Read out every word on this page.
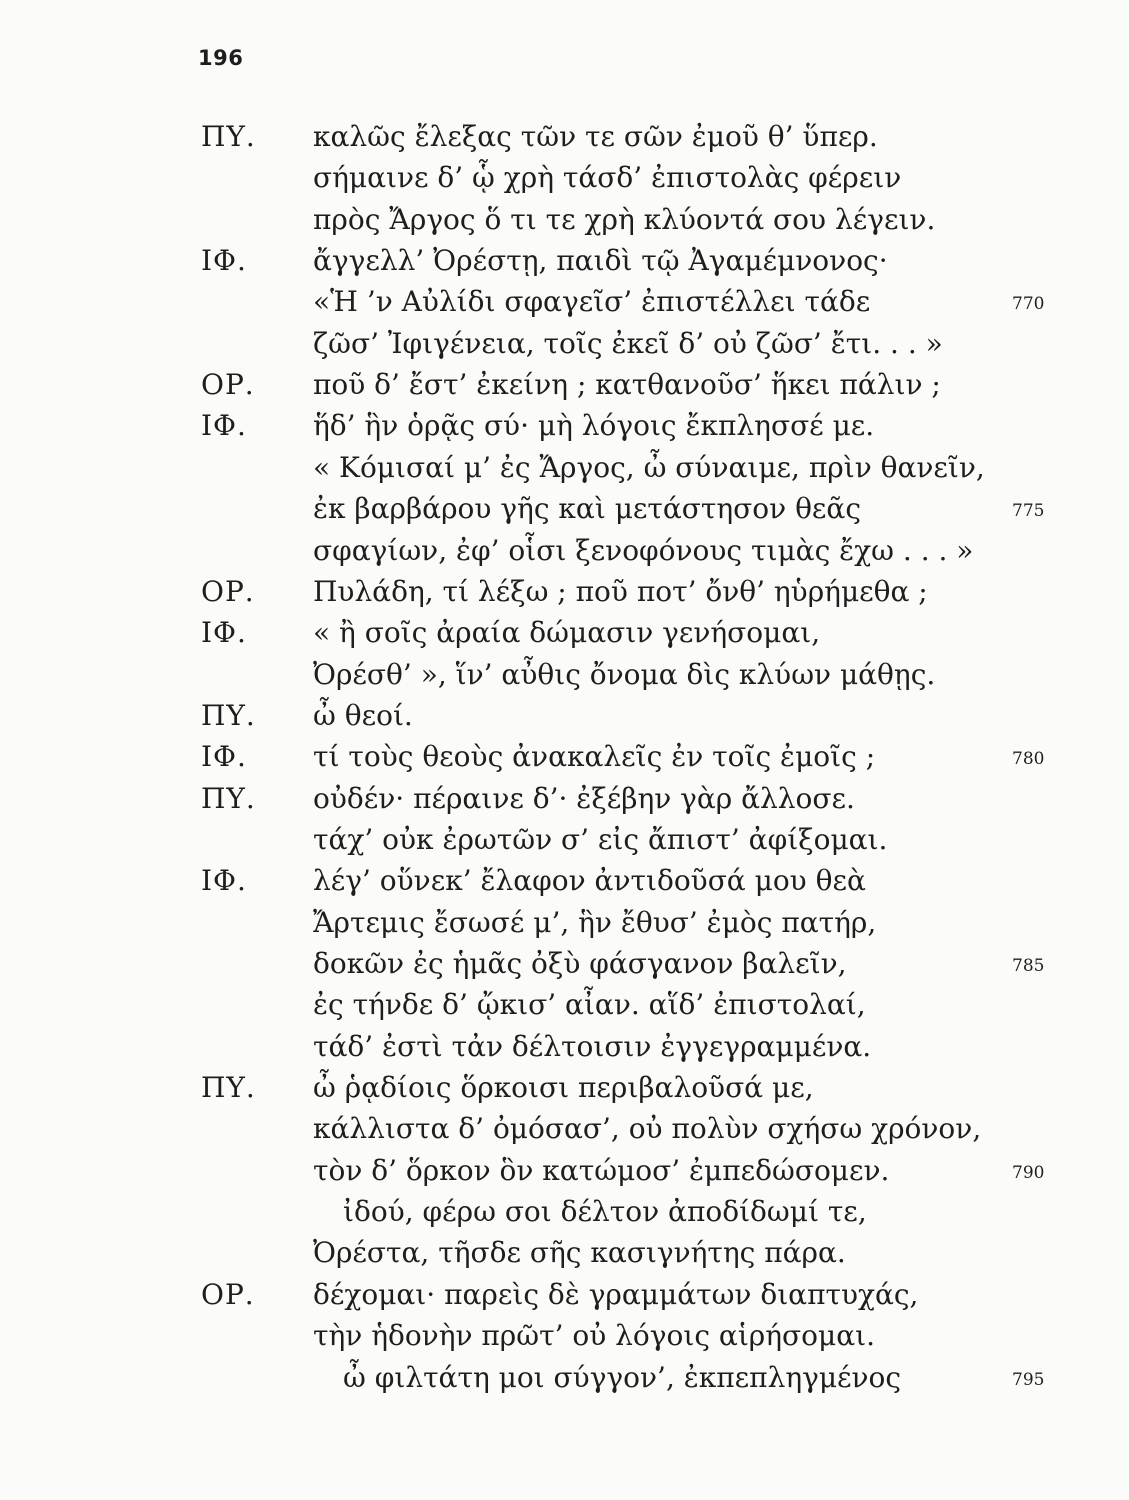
196
ΠΥ. καλῶς ἔλεξας τῶν τε σῶν ἐμοῦ θ’ ὕπερ.
σήμαινε δ’ ᾧ χρὴ τάσδ’ ἐπιστολὰς φέρειν
πρὸς Ἄργος ὅ τι τε χρὴ κλύοντά σου λέγειν.
ΙΦ. ἄγγελλ’ Ὀρέστῃ, παιδὶ τῷ Ἀγαμέμνονος·
«Ἡ ’ν Αὐλίδι σφαγεῖσ’ ἐπιστέλλει τάδε	770
ζῶσ’ Ἰφιγένεια, τοῖς ἐκεῖ δ’ οὐ ζῶσ’ ἔτι. . . »
ΟΡ. ποῦ δ’ ἔστ’ ἐκείνη ; κατθανοῦσ’ ἥκει πάλιν ;
ΙΦ. ἥδ’ ἣν ὁρᾷς σύ· μὴ λόγοις ἔκπλησσέ με.
« Κόμισαί μ’ ἐς Ἄργος, ὦ σύναιμε, πρὶν θανεῖν,
ἐκ βαρβάρου γῆς καὶ μετάστησον θεᾶς	775
σφαγίων, ἐφ’ οἷσι ξενοφόνους τιμὰς ἔχω . . . »
ΟΡ. Πυλάδη, τί λέξω ; ποῦ ποτ’ ὄνθ’ ηὑρήμεθα ;
ΙΦ. « ἢ σοῖς ἀραία δώμασιν γενήσομαι,
Ὀρέσθ’ », ἵν’ αὖθις ὄνομα δὶς κλύων μάθῃς.
ΠΥ. ὦ θεοί.
ΙΦ. τί τοὺς θεοὺς ἀνακαλεῖς ἐν τοῖς ἐμοῖς ;	780
ΠΥ. οὐδέν· πέραινε δ’· ἐξέβην γὰρ ἄλλοσε.
τάχ’ οὐκ ἐρωτῶν σ’ εἰς ἄπιστ’ ἀφίξομαι.
ΙΦ. λέγ’ οὕνεκ’ ἔλαφον ἀντιδοῦσά μου θεὰ
Ἄρτεμις ἔσωσέ μ’, ἣν ἔθυσ’ ἐμὸς πατήρ,
δοκῶν ἐς ἡμᾶς ὀξὺ φάσγανον βαλεῖν,	785
ἐς τήνδε δ’ ᾤκισ’ αἶαν. αἵδ’ ἐπιστολαί,
τάδ’ ἐστὶ τἀν δέλτοισιν ἐγγεγραμμένα.
ΠΥ. ὦ ῥᾳδίοις ὅρκοισι περιβαλοῦσά με,
κάλλιστα δ’ ὀμόσασ’, οὐ πολὺν σχήσω χρόνον,
τὸν δ’ ὅρκον ὃν κατώμοσ’ ἐμπεδώσομεν.	790
ἰδού, φέρω σοι δέλτον ἀποδίδωμί τε,
Ὀρέστα, τῆσδε σῆς κασιγνήτης πάρα.
ΟΡ. δέχομαι· παρεὶς δὲ γραμμάτων διαπτυχάς,
τὴν ἡδονὴν πρῶτ’ οὐ λόγοις αἱρήσομαι.
ὦ φιλτάτη μοι σύγγον’, ἐκπεπληγμένος	795
